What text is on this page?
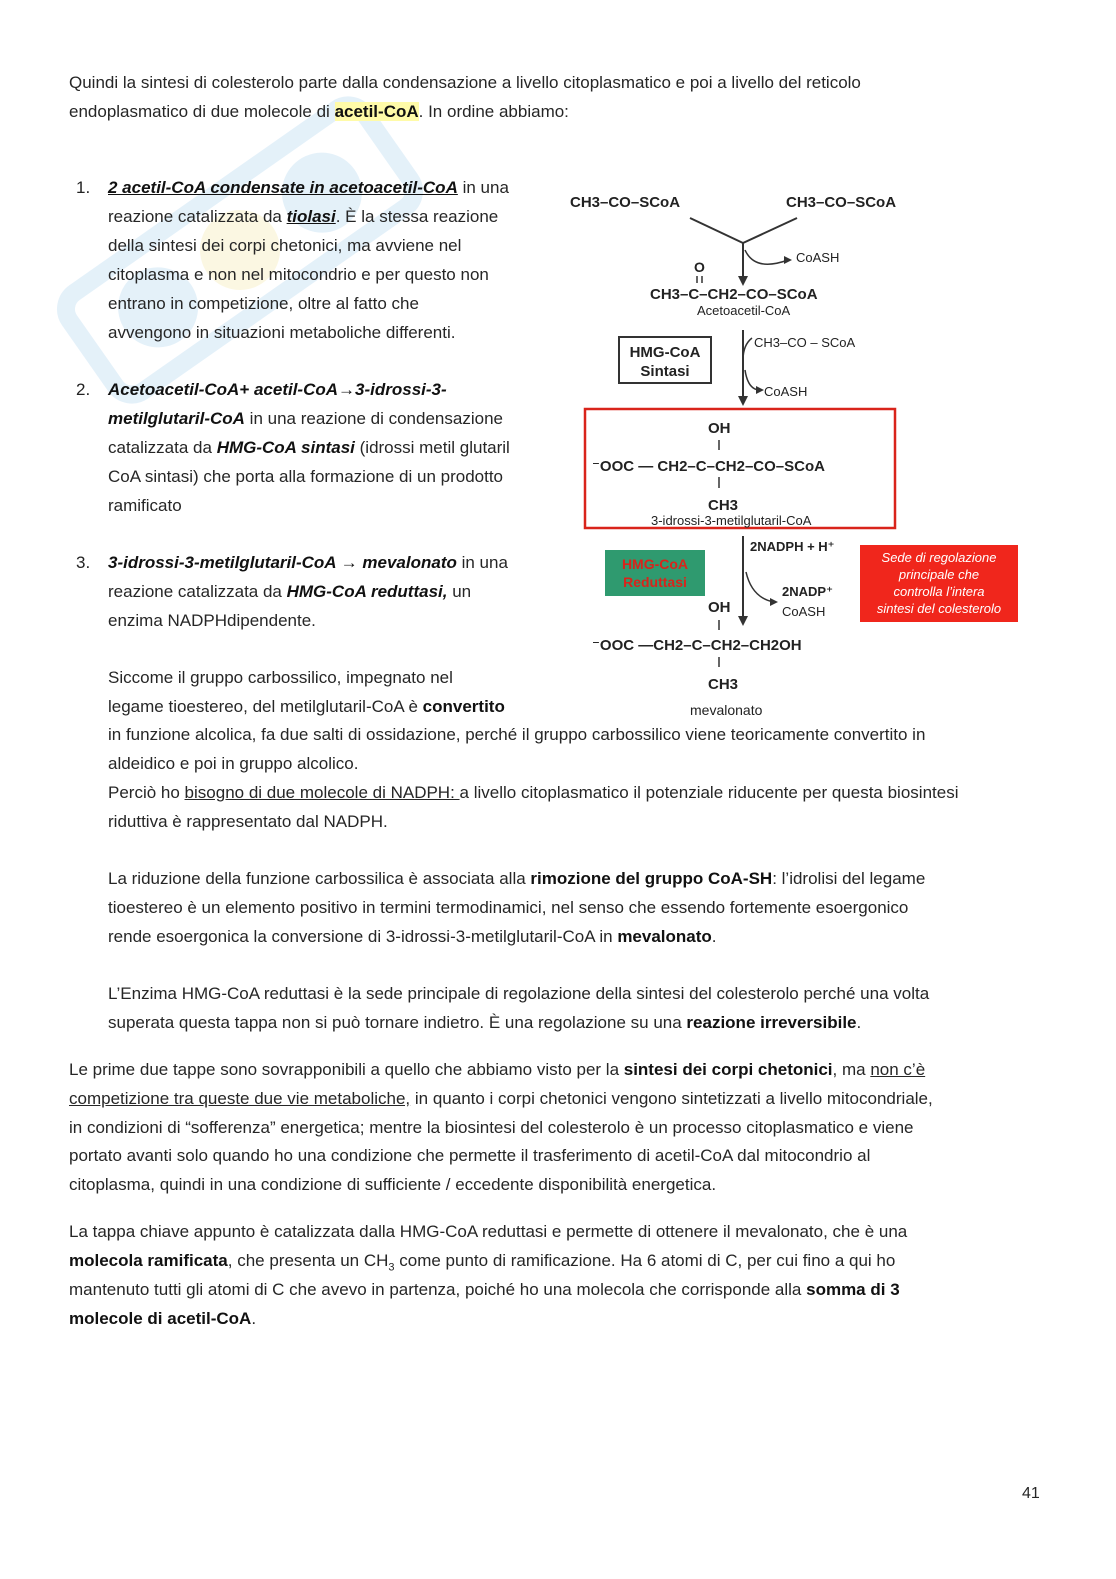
Quindi la sintesi di colesterolo parte dalla condensazione a livello citoplasmatico e poi a livello del reticolo
endoplasmatico di due molecole di acetil-CoA. In ordine abbiamo:
1. 2 acetil-CoA condensate in acetoacetil-CoA in una
reazione catalizzata da tiolasi. È la stessa reazione
della sintesi dei corpi chetonici, ma avviene nel
citoplasma e non nel mitocondrio e per questo non
entrano in competizione, oltre al fatto che
avvengono in situazioni metaboliche differenti.
2. Acetoacetil-CoA+ acetil-CoA→3-idrossi-3-
metilglutaril-CoA in una reazione di condensazione
catalizzata da HMG-CoA sintasi (idrossi metil glutaril
CoA sintasi) che porta alla formazione di un prodotto
ramificato
3. 3-idrossi-3-metilglutaril-CoA → mevalonato in una
reazione catalizzata da HMG-CoA reduttasi, un
enzima NADPHdipendente.
Siccome il gruppo carbossilico, impegnato nel
legame tioestereo, del metilglutaril-CoA è convertito
in funzione alcolica, fa due salti di ossidazione, perché il gruppo carbossilico viene teoricamente convertito in
aldeidico e poi in gruppo alcolico.
Perciò ho bisogno di due molecole di NADPH: a livello citoplasmatico il potenziale riducente per questa biosintesi
riduttiva è rappresentato dal NADPH.
La riduzione della funzione carbossilica è associata alla rimozione del gruppo CoA-SH: l’idrolisi del legame
tioestereo è un elemento positivo in termini termodinamici, nel senso che essendo fortemente esoergonico
rende esoergonica la conversione di 3-idrossi-3-metilglutaril-CoA in mevalonato.
L’Enzima HMG-CoA reduttasi è la sede principale di regolazione della sintesi del colesterolo perché una volta
superata questa tappa non si può tornare indietro. È una regolazione su una reazione irreversibile.
Le prime due tappe sono sovrapponibili a quello che abbiamo visto per la sintesi dei corpi chetonici, ma non c’è
competizione tra queste due vie metaboliche, in quanto i corpi chetonici vengono sintetizzati a livello mitocondriale,
in condizioni di “sofferenza” energetica; mentre la biosintesi del colesterolo è un processo citoplasmatico e viene
portato avanti solo quando ho una condizione che permette il trasferimento di acetil-CoA dal mitocondrio al
citoplasma, quindi in una condizione di sufficiente / eccedente disponibilità energetica.
La tappa chiave appunto è catalizzata dalla HMG-CoA reduttasi e permette di ottenere il mevalonato, che è una
molecola ramificata, che presenta un $CH_3$ come punto di ramificazione. Ha 6 atomi di C, per cui fino a qui ho
mantenuto tutti gli atomi di C che avevo in partenza, poiché ho una molecola che corrisponde alla somma di 3
molecole di acetil-CoA.
41
CH3–CO–SCoA	CH3–CO–SCoA
CoASH
O
CH3–C–CH2–CO–SCoA
Acetoacetil-CoA
HMG-CoA
Sintasi
CH3–CO – SCoA
CoASH
OH
⁻OOC — CH2–C–CH2–CO–SCoA
CH3
3-idrossi-3-metilglutaril-CoA
2NADPH + H⁺
2NADP⁺
CoASH
HMG-CoA
Reduttasi
Sede di regolazione
principale che
controlla l’intera
sintesi del colesterolo
OH
⁻OOC —CH2–C–CH2–CH2OH
CH3
mevalonato
